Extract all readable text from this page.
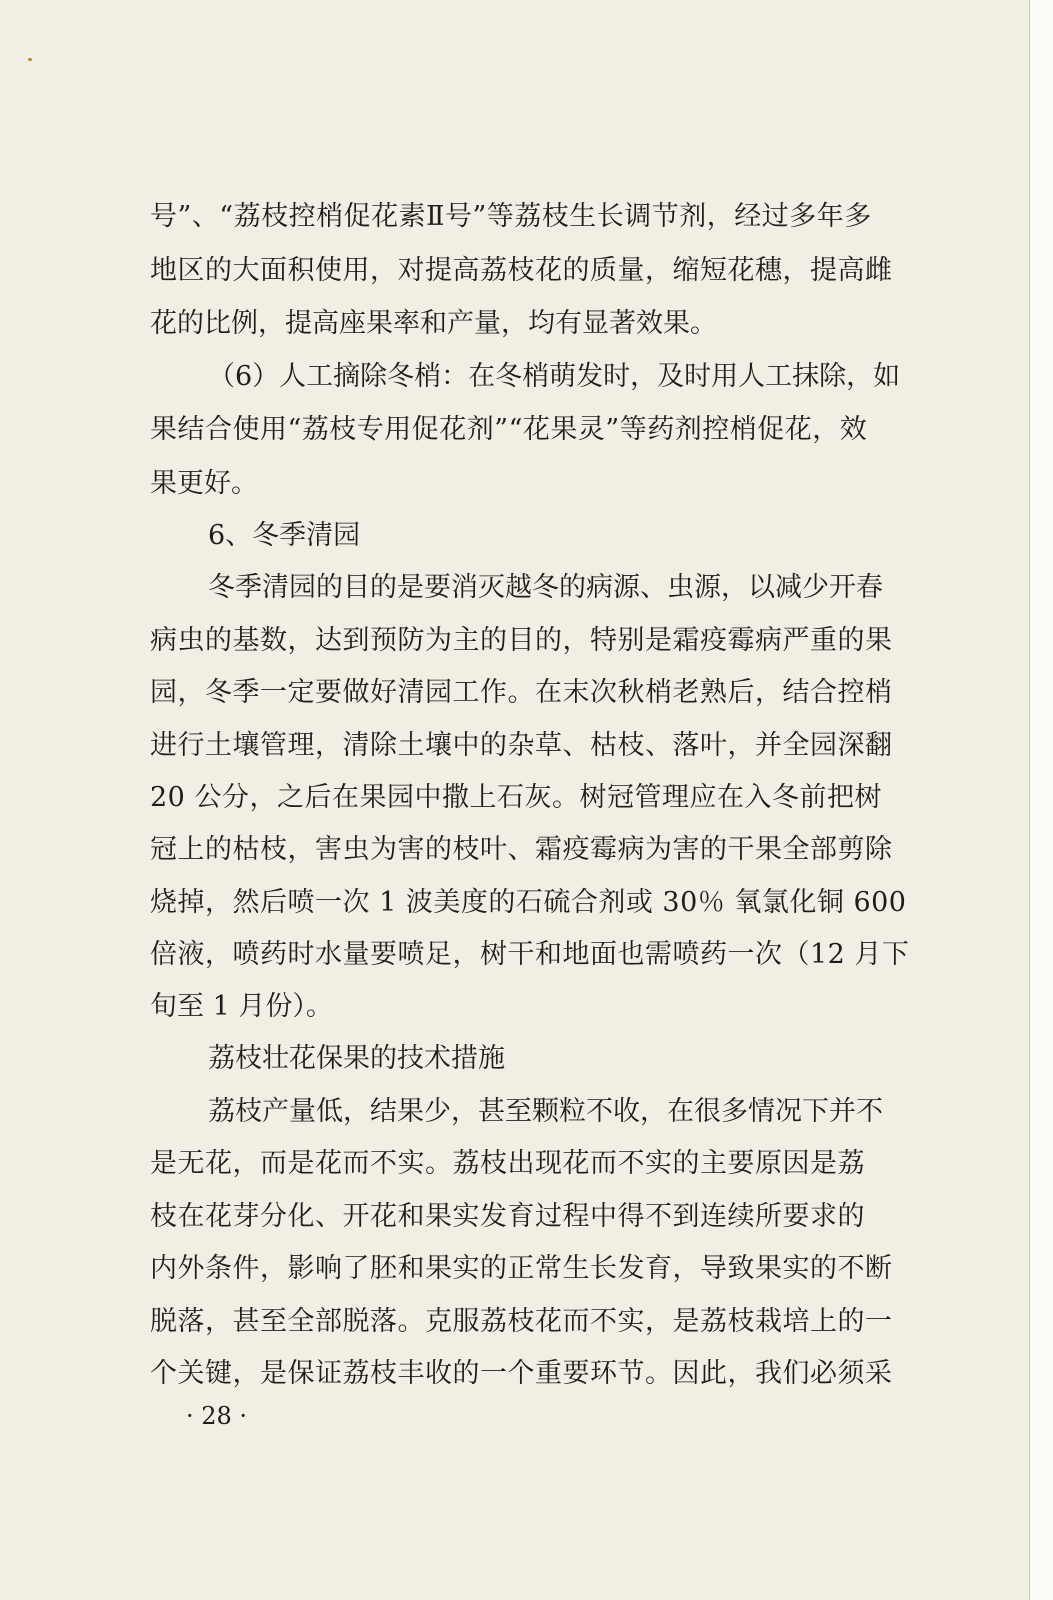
号”、“荔枝控梢促花素Ⅱ号”等荔枝生长调节剂，经过多年多
地区的大面积使用，对提高荔枝花的质量，缩短花穗，提高雌
花的比例，提高座果率和产量，均有显著效果。
（6）人工摘除冬梢：在冬梢萌发时，及时用人工抹除，如
果结合使用“荔枝专用促花剂”“花果灵”等药剂控梢促花，效
果更好。
6、冬季清园
冬季清园的目的是要消灭越冬的病源、虫源，以减少开春
病虫的基数，达到预防为主的目的，特别是霜疫霉病严重的果
园，冬季一定要做好清园工作。在末次秋梢老熟后，结合控梢
进行土壤管理，清除土壤中的杂草、枯枝、落叶，并全园深翻
20 公分，之后在果园中撒上石灰。树冠管理应在入冬前把树
冠上的枯枝，害虫为害的枝叶、霜疫霉病为害的干果全部剪除
烧掉，然后喷一次 1 波美度的石硫合剂或 30％ 氧氯化铜 600
倍液，喷药时水量要喷足，树干和地面也需喷药一次（12 月下
旬至 1 月份）。
荔枝壮花保果的技术措施
荔枝产量低，结果少，甚至颗粒不收，在很多情况下并不
是无花，而是花而不实。荔枝出现花而不实的主要原因是荔
枝在花芽分化、开花和果实发育过程中得不到连续所要求的
内外条件，影响了胚和果实的正常生长发育，导致果实的不断
脱落，甚至全部脱落。克服荔枝花而不实，是荔枝栽培上的一
个关键，是保证荔枝丰收的一个重要环节。因此，我们必须采
· 28 ·
